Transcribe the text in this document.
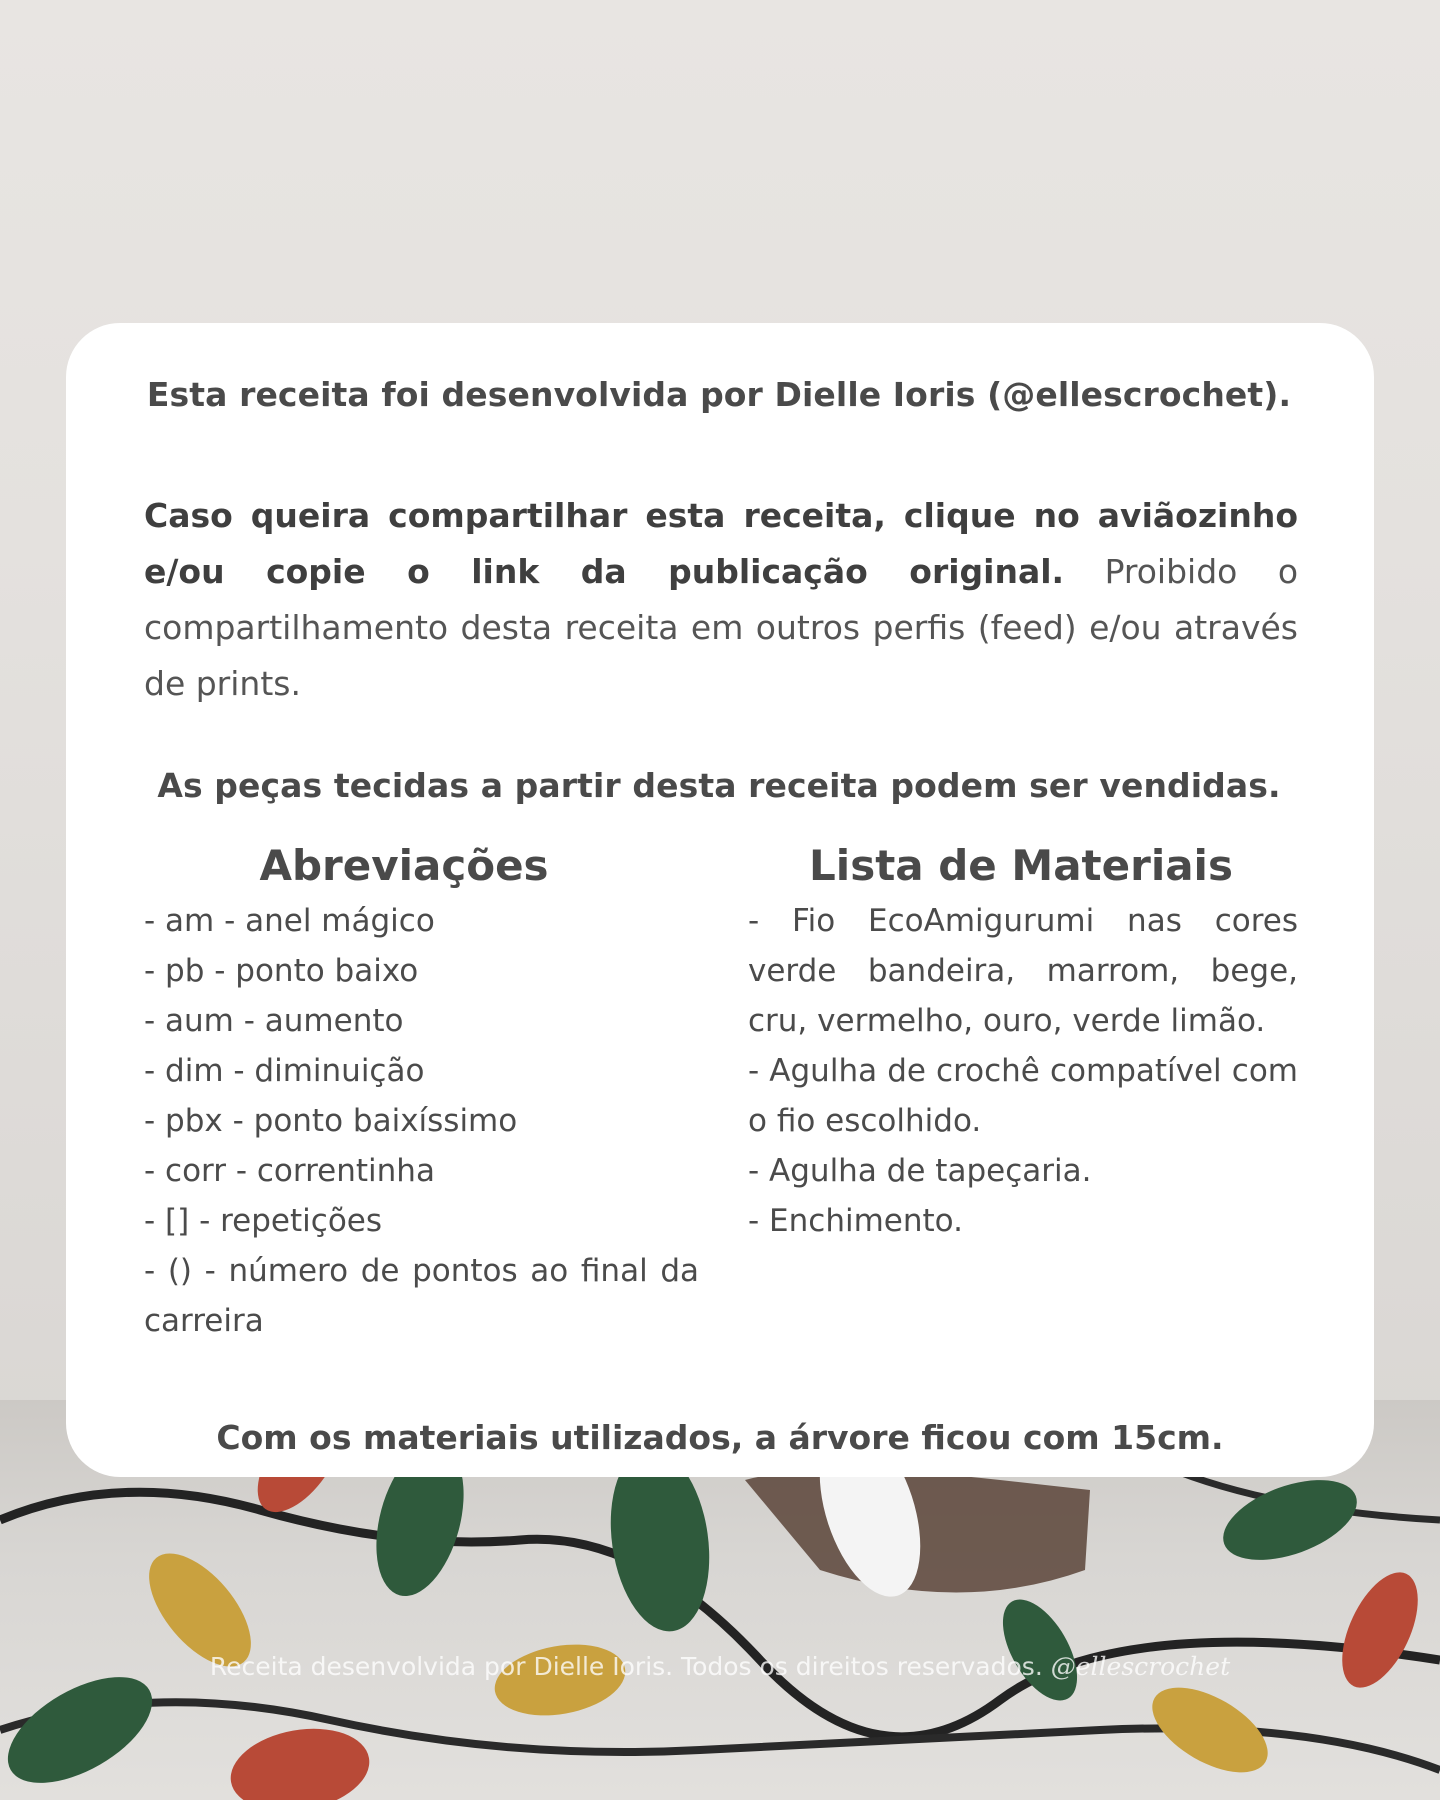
Esta receita foi desenvolvida por Dielle Ioris (@ellescrochet).
Caso queira compartilhar esta receita, clique no aviãozinho e/ou copie o link da publicação original. Proibido o compartilhamento desta receita em outros perfis (feed) e/ou através de prints.
As peças tecidas a partir desta receita podem ser vendidas.
Abreviações
- am - anel mágico
- pb - ponto baixo
- aum - aumento
- dim - diminuição
- pbx - ponto baixíssimo
- corr - correntinha
- [] - repetições
- () - número de pontos ao final da carreira
Lista de Materiais
- Fio EcoAmigurumi nas cores verde bandeira, marrom, bege, cru, vermelho, ouro, verde limão.
- Agulha de crochê compatível com o fio escolhido.
- Agulha de tapeçaria.
- Enchimento.
Com os materiais utilizados, a árvore ficou com 15cm.
Receita desenvolvida por Dielle Ioris. Todos os direitos reservados. @ellescrochet
